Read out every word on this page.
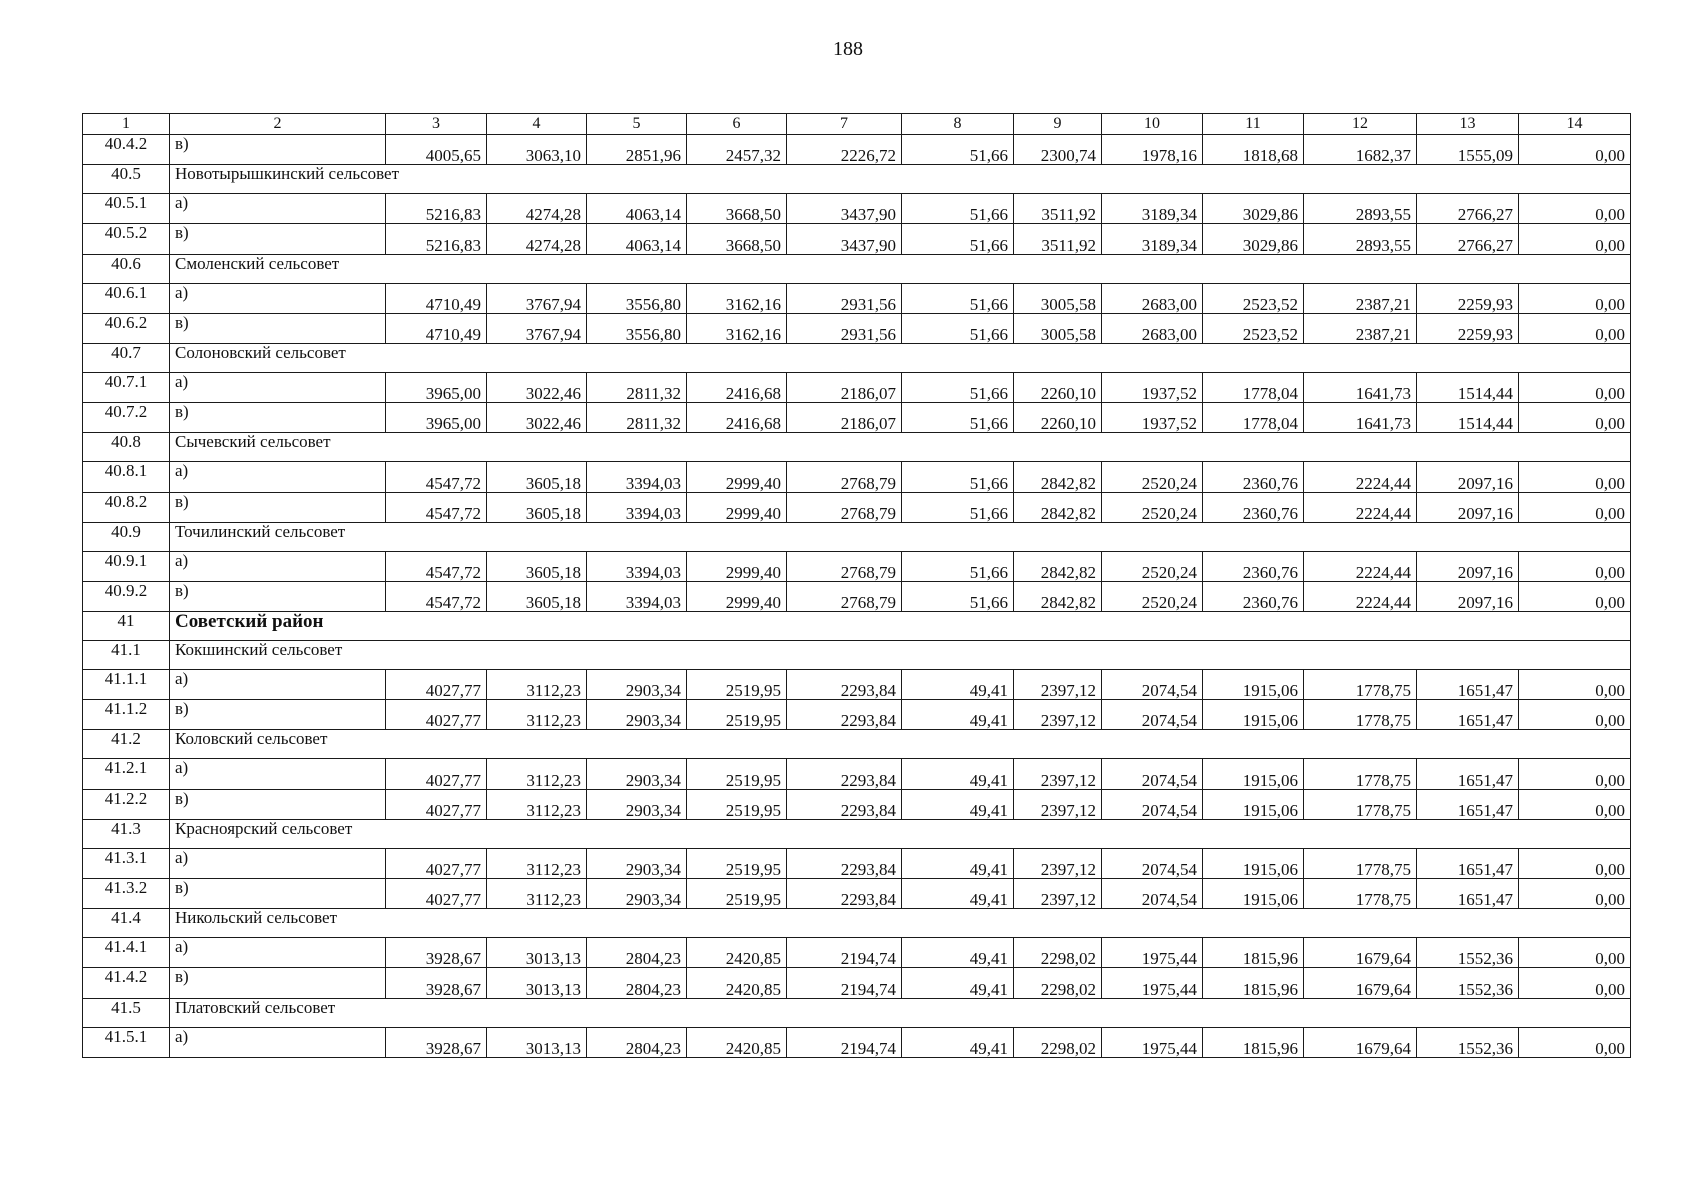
188
1	2	3	4	5	6	7	8	9	10	11	12	13	14
40.4.2	в)	4005,65	3063,10	2851,96	2457,32	2226,72	51,66	2300,74	1978,16	1818,68	1682,37	1555,09	0,00
40.5	Новотырышкинский сельсовет												
40.5.1	а)	5216,83	4274,28	4063,14	3668,50	3437,90	51,66	3511,92	3189,34	3029,86	2893,55	2766,27	0,00
40.5.2	в)	5216,83	4274,28	4063,14	3668,50	3437,90	51,66	3511,92	3189,34	3029,86	2893,55	2766,27	0,00
40.6	Смоленский сельсовет												
40.6.1	а)	4710,49	3767,94	3556,80	3162,16	2931,56	51,66	3005,58	2683,00	2523,52	2387,21	2259,93	0,00
40.6.2	в)	4710,49	3767,94	3556,80	3162,16	2931,56	51,66	3005,58	2683,00	2523,52	2387,21	2259,93	0,00
40.7	Солоновский сельсовет												
40.7.1	а)	3965,00	3022,46	2811,32	2416,68	2186,07	51,66	2260,10	1937,52	1778,04	1641,73	1514,44	0,00
40.7.2	в)	3965,00	3022,46	2811,32	2416,68	2186,07	51,66	2260,10	1937,52	1778,04	1641,73	1514,44	0,00
40.8	Сычевский сельсовет												
40.8.1	а)	4547,72	3605,18	3394,03	2999,40	2768,79	51,66	2842,82	2520,24	2360,76	2224,44	2097,16	0,00
40.8.2	в)	4547,72	3605,18	3394,03	2999,40	2768,79	51,66	2842,82	2520,24	2360,76	2224,44	2097,16	0,00
40.9	Точилинский сельсовет												
40.9.1	а)	4547,72	3605,18	3394,03	2999,40	2768,79	51,66	2842,82	2520,24	2360,76	2224,44	2097,16	0,00
40.9.2	в)	4547,72	3605,18	3394,03	2999,40	2768,79	51,66	2842,82	2520,24	2360,76	2224,44	2097,16	0,00
41	Советский район												
41.1	Кокшинский сельсовет												
41.1.1	а)	4027,77	3112,23	2903,34	2519,95	2293,84	49,41	2397,12	2074,54	1915,06	1778,75	1651,47	0,00
41.1.2	в)	4027,77	3112,23	2903,34	2519,95	2293,84	49,41	2397,12	2074,54	1915,06	1778,75	1651,47	0,00
41.2	Коловский сельсовет												
41.2.1	а)	4027,77	3112,23	2903,34	2519,95	2293,84	49,41	2397,12	2074,54	1915,06	1778,75	1651,47	0,00
41.2.2	в)	4027,77	3112,23	2903,34	2519,95	2293,84	49,41	2397,12	2074,54	1915,06	1778,75	1651,47	0,00
41.3	Красноярский сельсовет												
41.3.1	а)	4027,77	3112,23	2903,34	2519,95	2293,84	49,41	2397,12	2074,54	1915,06	1778,75	1651,47	0,00
41.3.2	в)	4027,77	3112,23	2903,34	2519,95	2293,84	49,41	2397,12	2074,54	1915,06	1778,75	1651,47	0,00
41.4	Никольский сельсовет												
41.4.1	а)	3928,67	3013,13	2804,23	2420,85	2194,74	49,41	2298,02	1975,44	1815,96	1679,64	1552,36	0,00
41.4.2	в)	3928,67	3013,13	2804,23	2420,85	2194,74	49,41	2298,02	1975,44	1815,96	1679,64	1552,36	0,00
41.5	Платовский сельсовет												
41.5.1	а)	3928,67	3013,13	2804,23	2420,85	2194,74	49,41	2298,02	1975,44	1815,96	1679,64	1552,36	0,00
